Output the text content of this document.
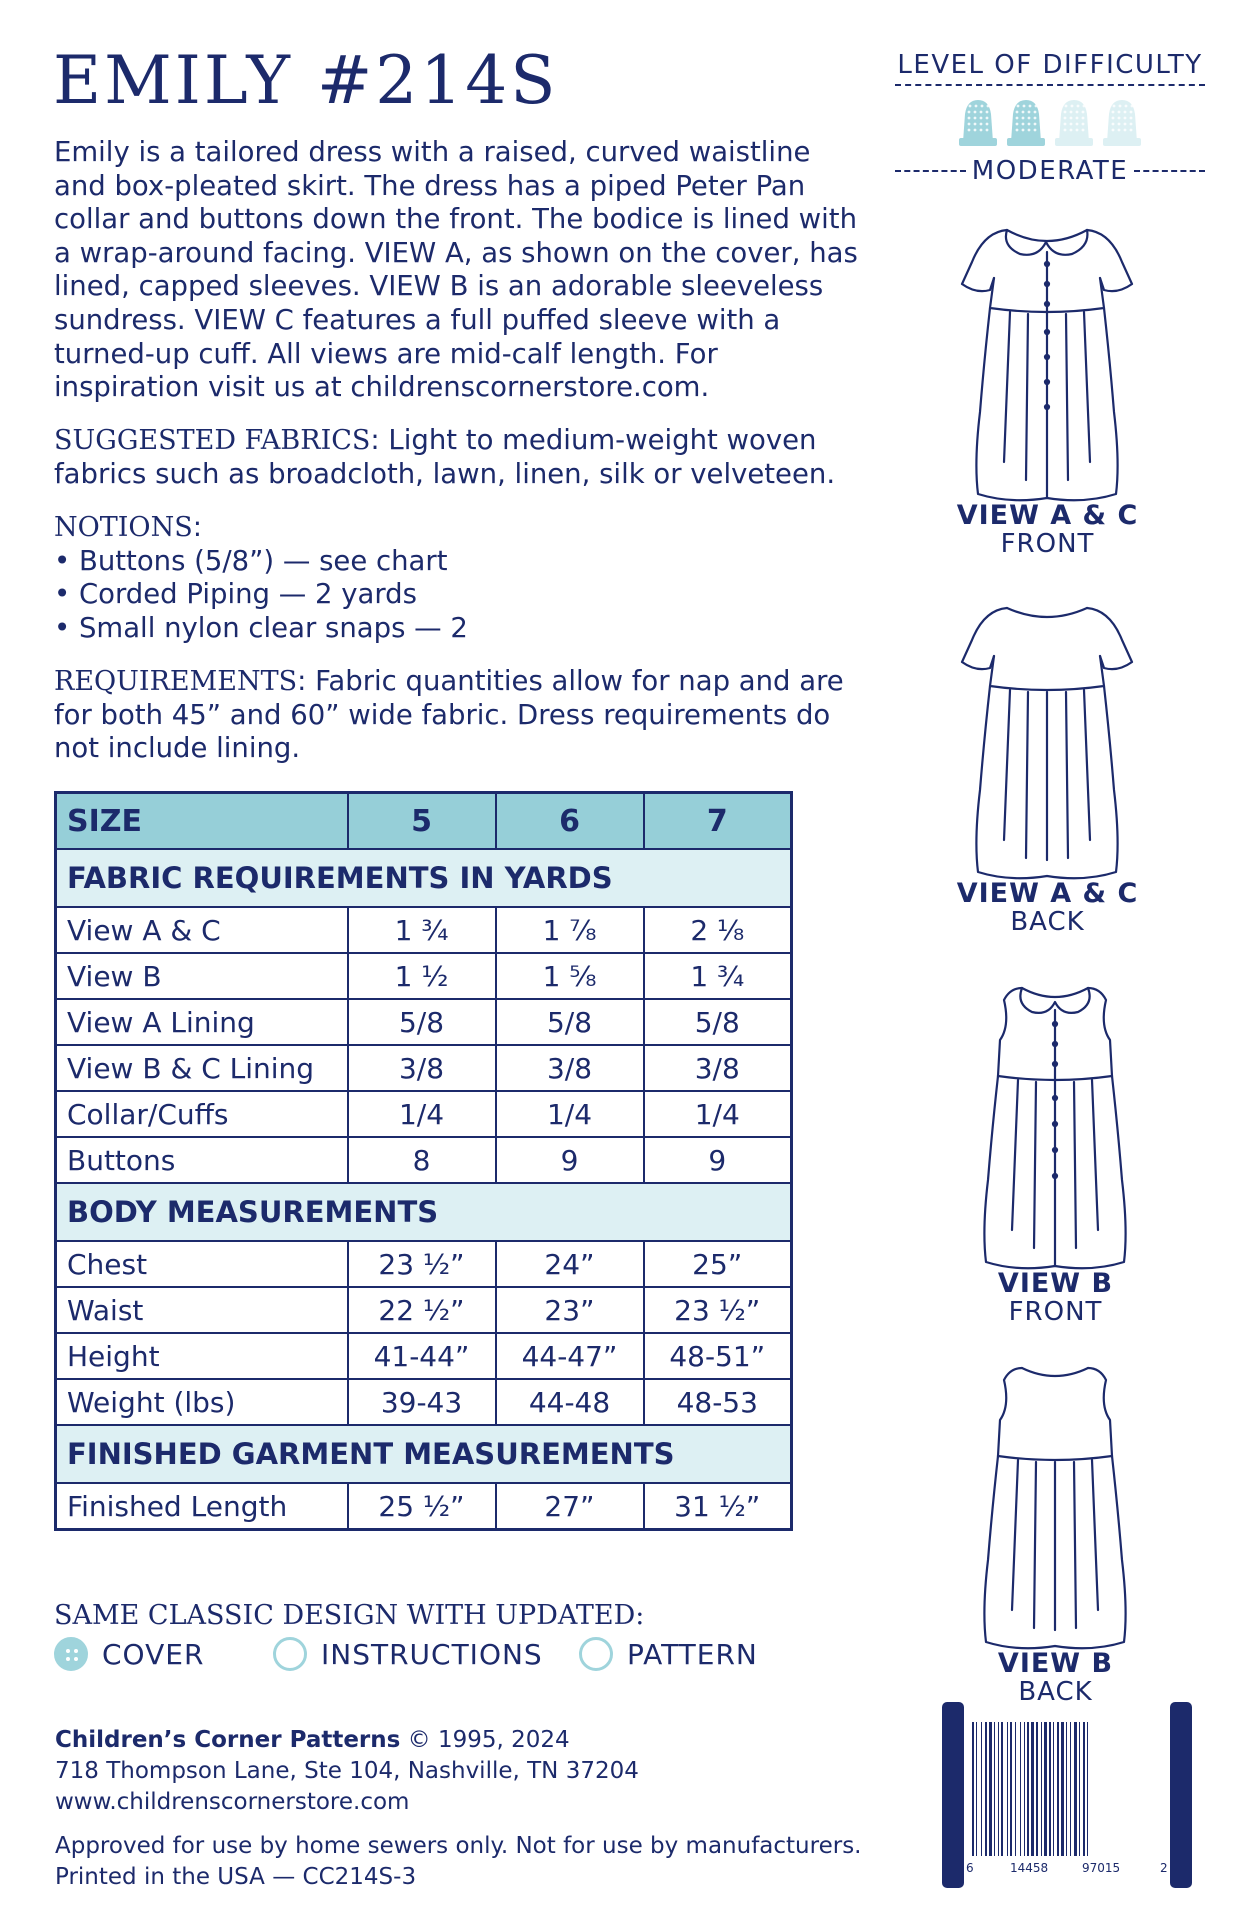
EMILY #214S

Emily is a tailored dress with a raised, curved waistline and box-pleated skirt. The dress has a piped Peter Pan collar and buttons down the front. The bodice is lined with a wrap-around facing. VIEW A, as shown on the cover, has lined, capped sleeves. VIEW B is an adorable sleeveless sundress. VIEW C features a full puffed sleeve with a turned-up cuff. All views are mid-calf length. For inspiration visit us at childrenscornerstore.com.

SUGGESTED FABRICS: Light to medium-weight woven fabrics such as broadcloth, lawn, linen, silk or velveteen.

NOTIONS:
• Buttons (5/8”) — see chart
• Corded Piping — 2 yards
• Small nylon clear snaps — 2

REQUIREMENTS: Fabric quantities allow for nap and are for both 45” and 60” wide fabric. Dress requirements do not include lining.

SIZE	5	6	7
FABRIC REQUIREMENTS IN YARDS			
View A & C	1 ³⁄₄	1 ⁷⁄₈	2 ¹⁄₈
View B	1 ¹⁄₂	1 ⁵⁄₈	1 ³⁄₄
View A Lining	5/8	5/8	5/8
View B & C Lining	3/8	3/8	3/8
Collar/Cuffs	1/4	1/4	1/4
Buttons	8	9	9
BODY MEASUREMENTS			
Chest	23 ¹⁄₂”	24”	25”
Waist	22 ¹⁄₂”	23”	23 ¹⁄₂”
Height	41-44”	44-47”	48-51”
Weight (lbs)	39-43	44-48	48-53
FINISHED GARMENT MEASUREMENTS			
Finished Length	25 ¹⁄₂”	27”	31 ¹⁄₂”

SAME CLASSIC DESIGN WITH UPDATED:

COVER	INSTRUCTIONS	PATTERN
Children’s Corner Patterns © 1995, 2024
718 Thompson Lane, Ste 104, Nashville, TN 37204
www.childrenscornerstore.com
Approved for use by home sewers only. Not for use by manufacturers.
Printed in the USA — CC214S-3
LEVEL OF DIFFICULTY
MODERATE
VIEW A & C
FRONT
VIEW A & C
BACK
VIEW B
FRONT
VIEW B
BACK
6	14458	97015	2
